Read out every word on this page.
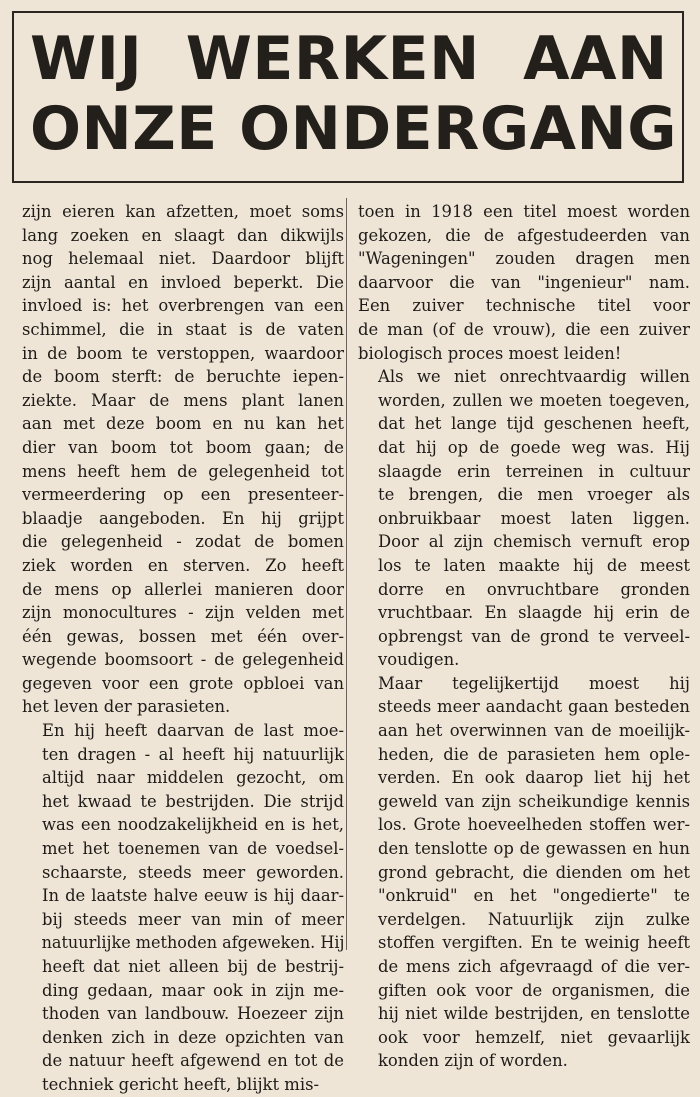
WIJ WERKEN AAN
ONZE ONDERGANG
zijn eieren kan afzetten, moet soms
lang zoeken en slaagt dan dikwijls
nog helemaal niet. Daardoor blijft
zijn aantal en invloed beperkt. Die
invloed is: het overbrengen van een
schimmel, die in staat is de vaten
in de boom te verstoppen, waardoor
de boom sterft: de beruchte iepen-
ziekte. Maar de mens plant lanen
aan met deze boom en nu kan het
dier van boom tot boom gaan; de
mens heeft hem de gelegenheid tot
vermeerdering op een presenteer-
blaadje aangeboden. En hij grijpt
die gelegenheid - zodat de bomen
ziek worden en sterven. Zo heeft
de mens op allerlei manieren door
zijn monocultures - zijn velden met
één gewas, bossen met één over-
wegende boomsoort - de gelegenheid
gegeven voor een grote opbloei van
het leven der parasieten.
En hij heeft daarvan de last moe-
ten dragen - al heeft hij natuurlijk
altijd naar middelen gezocht, om
het kwaad te bestrijden. Die strijd
was een noodzakelijkheid en is het,
met het toenemen van de voedsel-
schaarste, steeds meer geworden.
In de laatste halve eeuw is hij daar-
bij steeds meer van min of meer
natuurlijke methoden afgeweken. Hij
heeft dat niet alleen bij de bestrij-
ding gedaan, maar ook in zijn me-
thoden van landbouw. Hoezeer zijn
denken zich in deze opzichten van
de natuur heeft afgewend en tot de
techniek gericht heeft, blijkt mis-
toen in 1918 een titel moest worden
gekozen, die de afgestudeerden van
"Wageningen" zouden dragen men
daarvoor die van "ingenieur" nam.
Een zuiver technische titel voor
de man (of de vrouw), die een zuiver
biologisch proces moest leiden!
Als we niet onrechtvaardig willen
worden, zullen we moeten toegeven,
dat het lange tijd geschenen heeft,
dat hij op de goede weg was. Hij
slaagde erin terreinen in cultuur
te brengen, die men vroeger als
onbruikbaar moest laten liggen.
Door al zijn chemisch vernuft erop
los te laten maakte hij de meest
dorre en onvruchtbare gronden
vruchtbaar. En slaagde hij erin de
opbrengst van de grond te verveel-
voudigen.
Maar tegelijkertijd moest hij
steeds meer aandacht gaan besteden
aan het overwinnen van de moeilijk-
heden, die de parasieten hem ople-
verden. En ook daarop liet hij het
geweld van zijn scheikundige kennis
los. Grote hoeveelheden stoffen wer-
den tenslotte op de gewassen en hun
grond gebracht, die dienden om het
"onkruid" en het "ongedierte" te
verdelgen. Natuurlijk zijn zulke
stoffen vergiften. En te weinig heeft
de mens zich afgevraagd of die ver-
giften ook voor de organismen, die
hij niet wilde bestrijden, en tenslotte
ook voor hemzelf, niet gevaarlijk
konden zijn of worden.
